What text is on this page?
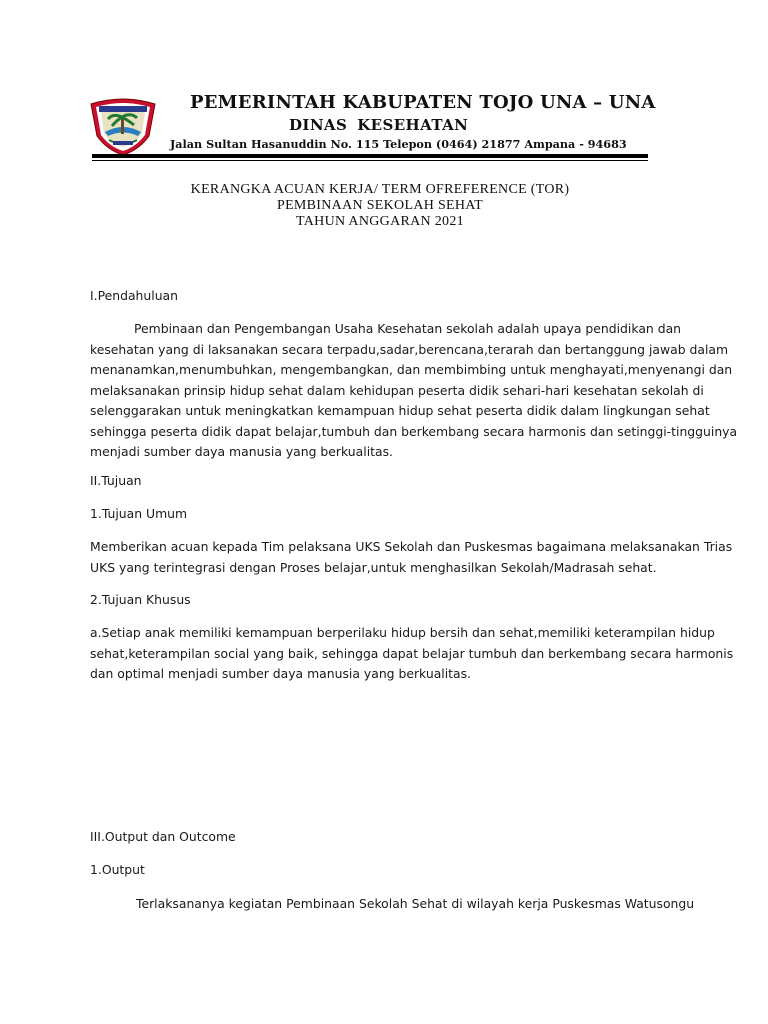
PEMERINTAH KABUPATEN TOJO UNA – UNA
DINAS KESEHATAN
Jalan Sultan Hasanuddin No. 115 Telepon (0464) 21877 Ampana - 94683
KERANGKA ACUAN KERJA/ TERM OFREFERENCE (TOR)
PEMBINAAN SEKOLAH SEHAT
TAHUN ANGGARAN 2021
I.Pendahuluan
Pembinaan dan Pengembangan Usaha Kesehatan sekolah adalah upaya pendidikan dan
kesehatan yang di laksanakan secara terpadu,sadar,berencana,terarah dan bertanggung jawab dalam
menanamkan,menumbuhkan, mengembangkan, dan membimbing untuk menghayati,menyenangi dan
melaksanakan prinsip hidup sehat dalam kehidupan peserta didik sehari-hari kesehatan sekolah di
selenggarakan untuk meningkatkan kemampuan hidup sehat peserta didik dalam lingkungan sehat
sehingga peserta didik dapat belajar,tumbuh dan berkembang secara harmonis dan setinggi-tingguinya
menjadi sumber daya manusia yang berkualitas.
II.Tujuan
1.Tujuan Umum
Memberikan acuan kepada Tim pelaksana UKS Sekolah dan Puskesmas bagaimana melaksanakan Trias
UKS yang terintegrasi dengan Proses belajar,untuk menghasilkan Sekolah/Madrasah sehat.
2.Tujuan Khusus
a.Setiap anak memiliki kemampuan berperilaku hidup bersih dan sehat,memiliki keterampilan hidup
sehat,keterampilan social yang baik, sehingga dapat belajar tumbuh dan berkembang secara harmonis
dan optimal menjadi sumber daya manusia yang berkualitas.
III.Output dan Outcome
1.Output
Terlaksananya kegiatan Pembinaan Sekolah Sehat di wilayah kerja Puskesmas Watusongu
